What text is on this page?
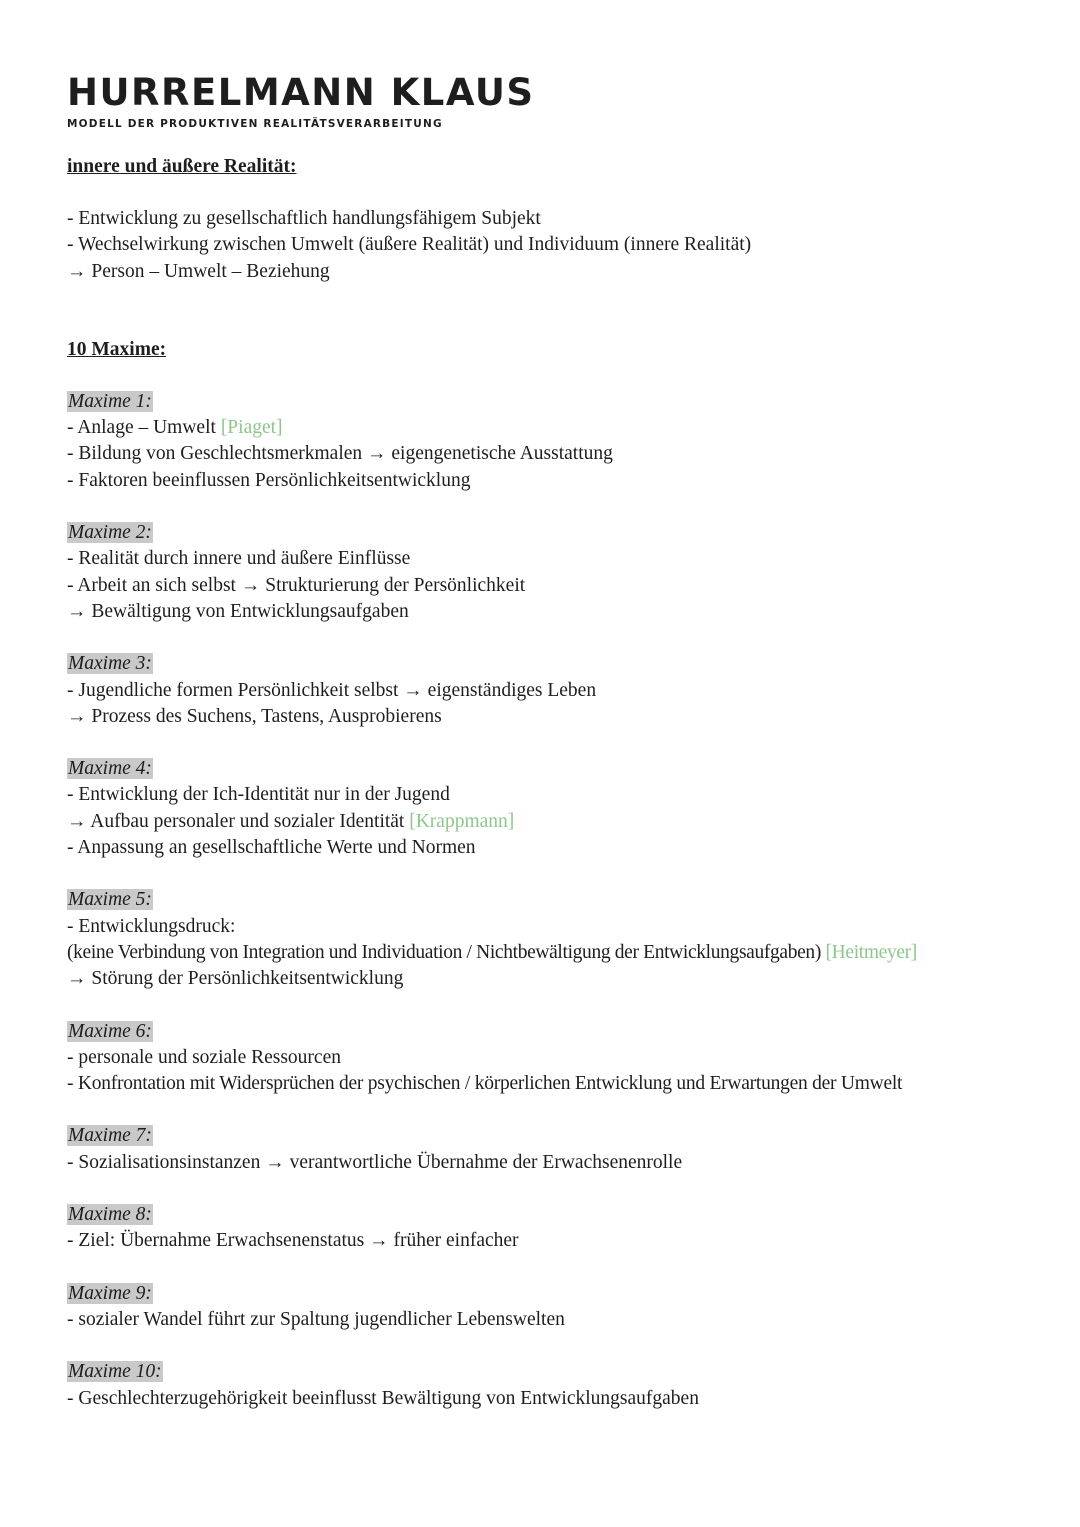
HURRELMANN KLAUS

MODELL DER PRODUKTIVEN REALITÄTSVERARBEITUNG

innere und äußere Realität:

- Entwicklung zu gesellschaftlich handlungsfähigem Subjekt

- Wechselwirkung zwischen Umwelt (äußere Realität) und Individuum (innere Realität)

→ Person – Umwelt – Beziehung

10 Maxime:

Maxime 1:

- Anlage – Umwelt [Piaget]

- Bildung von Geschlechtsmerkmalen → eigengenetische Ausstattung

- Faktoren beeinflussen Persönlichkeitsentwicklung

Maxime 2:

- Realität durch innere und äußere Einflüsse

- Arbeit an sich selbst → Strukturierung der Persönlichkeit

→ Bewältigung von Entwicklungsaufgaben

Maxime 3:

- Jugendliche formen Persönlichkeit selbst → eigenständiges Leben

→ Prozess des Suchens, Tastens, Ausprobierens

Maxime 4:

- Entwicklung der Ich-Identität nur in der Jugend

→ Aufbau personaler und sozialer Identität [Krappmann]

- Anpassung an gesellschaftliche Werte und Normen

Maxime 5:

- Entwicklungsdruck:

(keine Verbindung von Integration und Individuation / Nichtbewältigung der Entwicklungsaufgaben) [Heitmeyer]

→ Störung der Persönlichkeitsentwicklung

Maxime 6:

- personale und soziale Ressourcen

- Konfrontation mit Widersprüchen der psychischen / körperlichen Entwicklung und Erwartungen der Umwelt

Maxime 7:

- Sozialisationsinstanzen → verantwortliche Übernahme der Erwachsenenrolle

Maxime 8:

- Ziel: Übernahme Erwachsenenstatus → früher einfacher

Maxime 9:

- sozialer Wandel führt zur Spaltung jugendlicher Lebenswelten

Maxime 10:

- Geschlechterzugehörigkeit beeinflusst Bewältigung von Entwicklungsaufgaben
